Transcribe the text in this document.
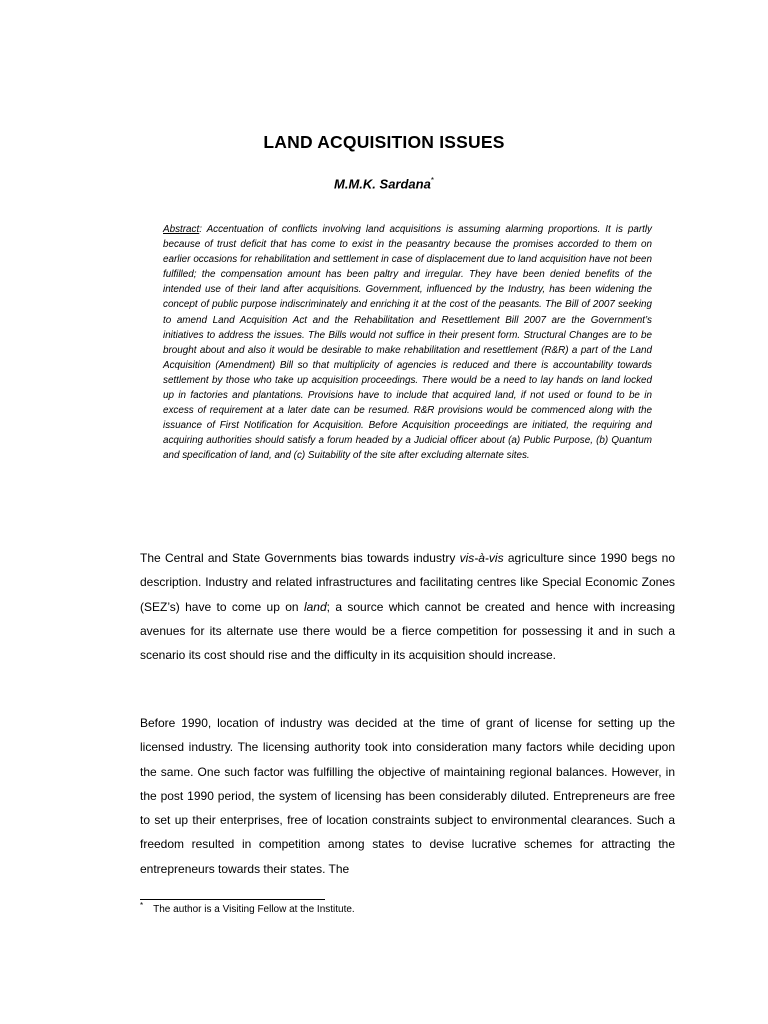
LAND ACQUISITION ISSUES
M.M.K. Sardana*

Abstract: Accentuation of conflicts involving land acquisitions is assuming alarming proportions. It is partly because of trust deficit that has come to exist in the peasantry because the promises accorded to them on earlier occasions for rehabilitation and settlement in case of displacement due to land acquisition have not been fulfilled; the compensation amount has been paltry and irregular. They have been denied benefits of the intended use of their land after acquisitions. Government, influenced by the Industry, has been widening the concept of public purpose indiscriminately and enriching it at the cost of the peasants. The Bill of 2007 seeking to amend Land Acquisition Act and the Rehabilitation and Resettlement Bill 2007 are the Government’s initiatives to address the issues. The Bills would not suffice in their present form. Structural Changes are to be brought about and also it would be desirable to make rehabilitation and resettlement (R&R) a part of the Land Acquisition (Amendment) Bill so that multiplicity of agencies is reduced and there is accountability towards settlement by those who take up acquisition proceedings. There would be a need to lay hands on land locked up in factories and plantations. Provisions have to include that acquired land, if not used or found to be in excess of requirement at a later date can be resumed. R&R provisions would be commenced along with the issuance of First Notification for Acquisition. Before Acquisition proceedings are initiated, the requiring and acquiring authorities should satisfy a forum headed by a Judicial officer about (a) Public Purpose, (b) Quantum and specification of land, and (c) Suitability of the site after excluding alternate sites.

The Central and State Governments bias towards industry vis-à-vis agriculture since 1990 begs no description. Industry and related infrastructures and facilitating centres like Special Economic Zones (SEZ’s) have to come up on land; a source which cannot be created and hence with increasing avenues for its alternate use there would be a fierce competition for possessing it and in such a scenario its cost should rise and the difficulty in its acquisition should increase.

Before 1990, location of industry was decided at the time of grant of license for setting up the licensed industry. The licensing authority took into consideration many factors while deciding upon the same. One such factor was fulfilling the objective of maintaining regional balances. However, in the post 1990 period, the system of licensing has been considerably diluted. Entrepreneurs are free to set up their enterprises, free of location constraints subject to environmental clearances. Such a freedom resulted in competition among states to devise lucrative schemes for attracting the entrepreneurs towards their states. The

* The author is a Visiting Fellow at the Institute.
